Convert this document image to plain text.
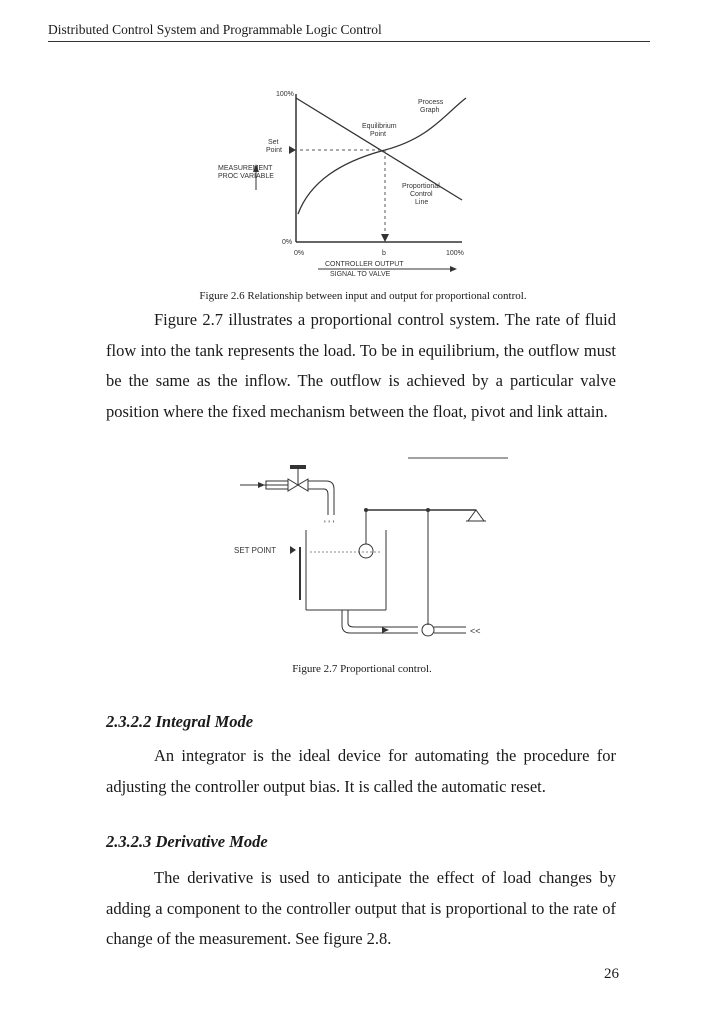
Distributed Control System and Programmable Logic Control
100%
0%
Set
Point
MEASUREMENT
PROC VARIABLE
Equilibrium
Point
Process
Graph
Proportional
Control
Line
0%	b	100%
CONTROLLER OUTPUT
SIGNAL TO VALVE
Figure 2.6 Relationship between input and output for proportional control.

Figure 2.7 illustrates a proportional control system. The rate of fluid flow into the tank represents the load. To be in equilibrium, the outflow must be the same as the inflow. The outflow is achieved by a particular valve position where the fixed mechanism between the float, pivot and link attain.

' ' '
SET POINT
<<
Figure 2.7 Proportional control.
2.3.2.2 Integral Mode

An integrator is the ideal device for automating the procedure for adjusting the controller output bias. It is called the automatic reset.

2.3.2.3 Derivative Mode

The derivative is used to anticipate the effect of load changes by adding a component to the controller output that is proportional to the rate of change of the measurement. See figure 2.8.

26
